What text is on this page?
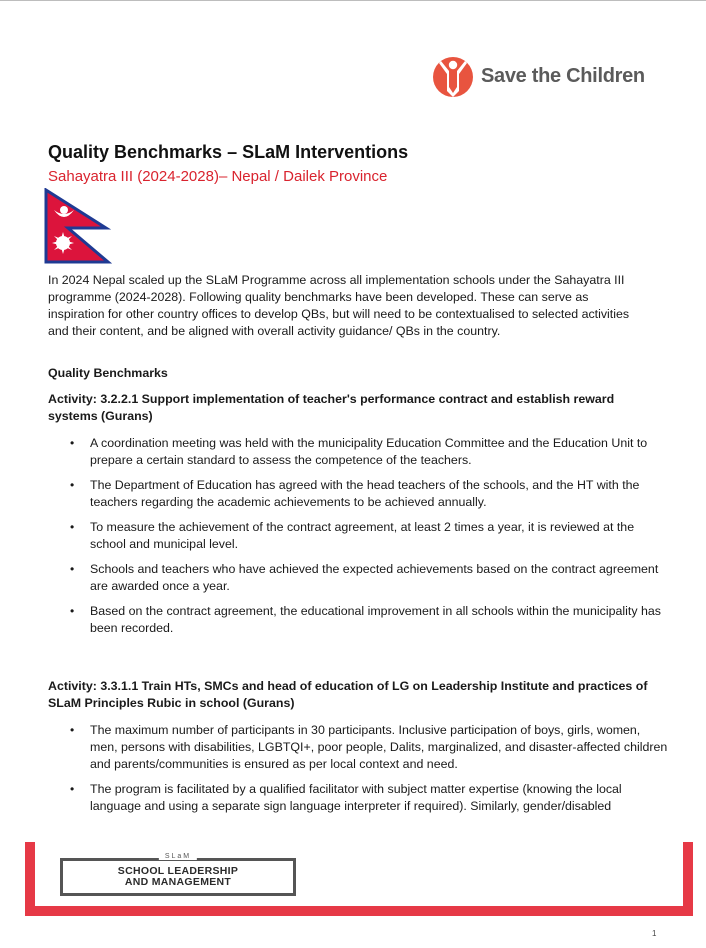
Save the Children
Quality Benchmarks – SLaM Interventions
Sahayatra III (2024-2028)– Nepal / Dailek Province

In 2024 Nepal scaled up the SLaM Programme across all implementation schools under the Sahayatra III programme (2024-2028). Following quality benchmarks have been developed. These can serve as inspiration for other country offices to develop QBs, but will need to be contextualised to selected activities and their content, and be aligned with overall activity guidance/ QBs in the country.

Quality Benchmarks

Activity: 3.2.2.1 Support implementation of teacher's performance contract and establish reward systems (Gurans)

• A coordination meeting was held with the municipality Education Committee and the Education Unit to prepare a certain standard to assess the competence of the teachers.
• The Department of Education has agreed with the head teachers of the schools, and the HT with the teachers regarding the academic achievements to be achieved annually.
• To measure the achievement of the contract agreement, at least 2 times a year, it is reviewed at the school and municipal level.
• Schools and teachers who have achieved the expected achievements based on the contract agreement are awarded once a year.
• Based on the contract agreement, the educational improvement in all schools within the municipality has been recorded.

Activity: 3.3.1.1 Train HTs, SMCs and head of education of LG on Leadership Institute and practices of SLaM Principles Rubic in school (Gurans)

• The maximum number of participants in 30 participants. Inclusive participation of boys, girls, women, men, persons with disabilities, LGBTQI+, poor people, Dalits, marginalized, and disaster-affected children and parents/communities is ensured as per local context and need.
• The program is facilitated by a qualified facilitator with subject matter expertise (knowing the local language and using a separate sign language interpreter if required). Similarly, gender/disabled
SLaM
SCHOOL LEADERSHIP
AND MANAGEMENT
1
